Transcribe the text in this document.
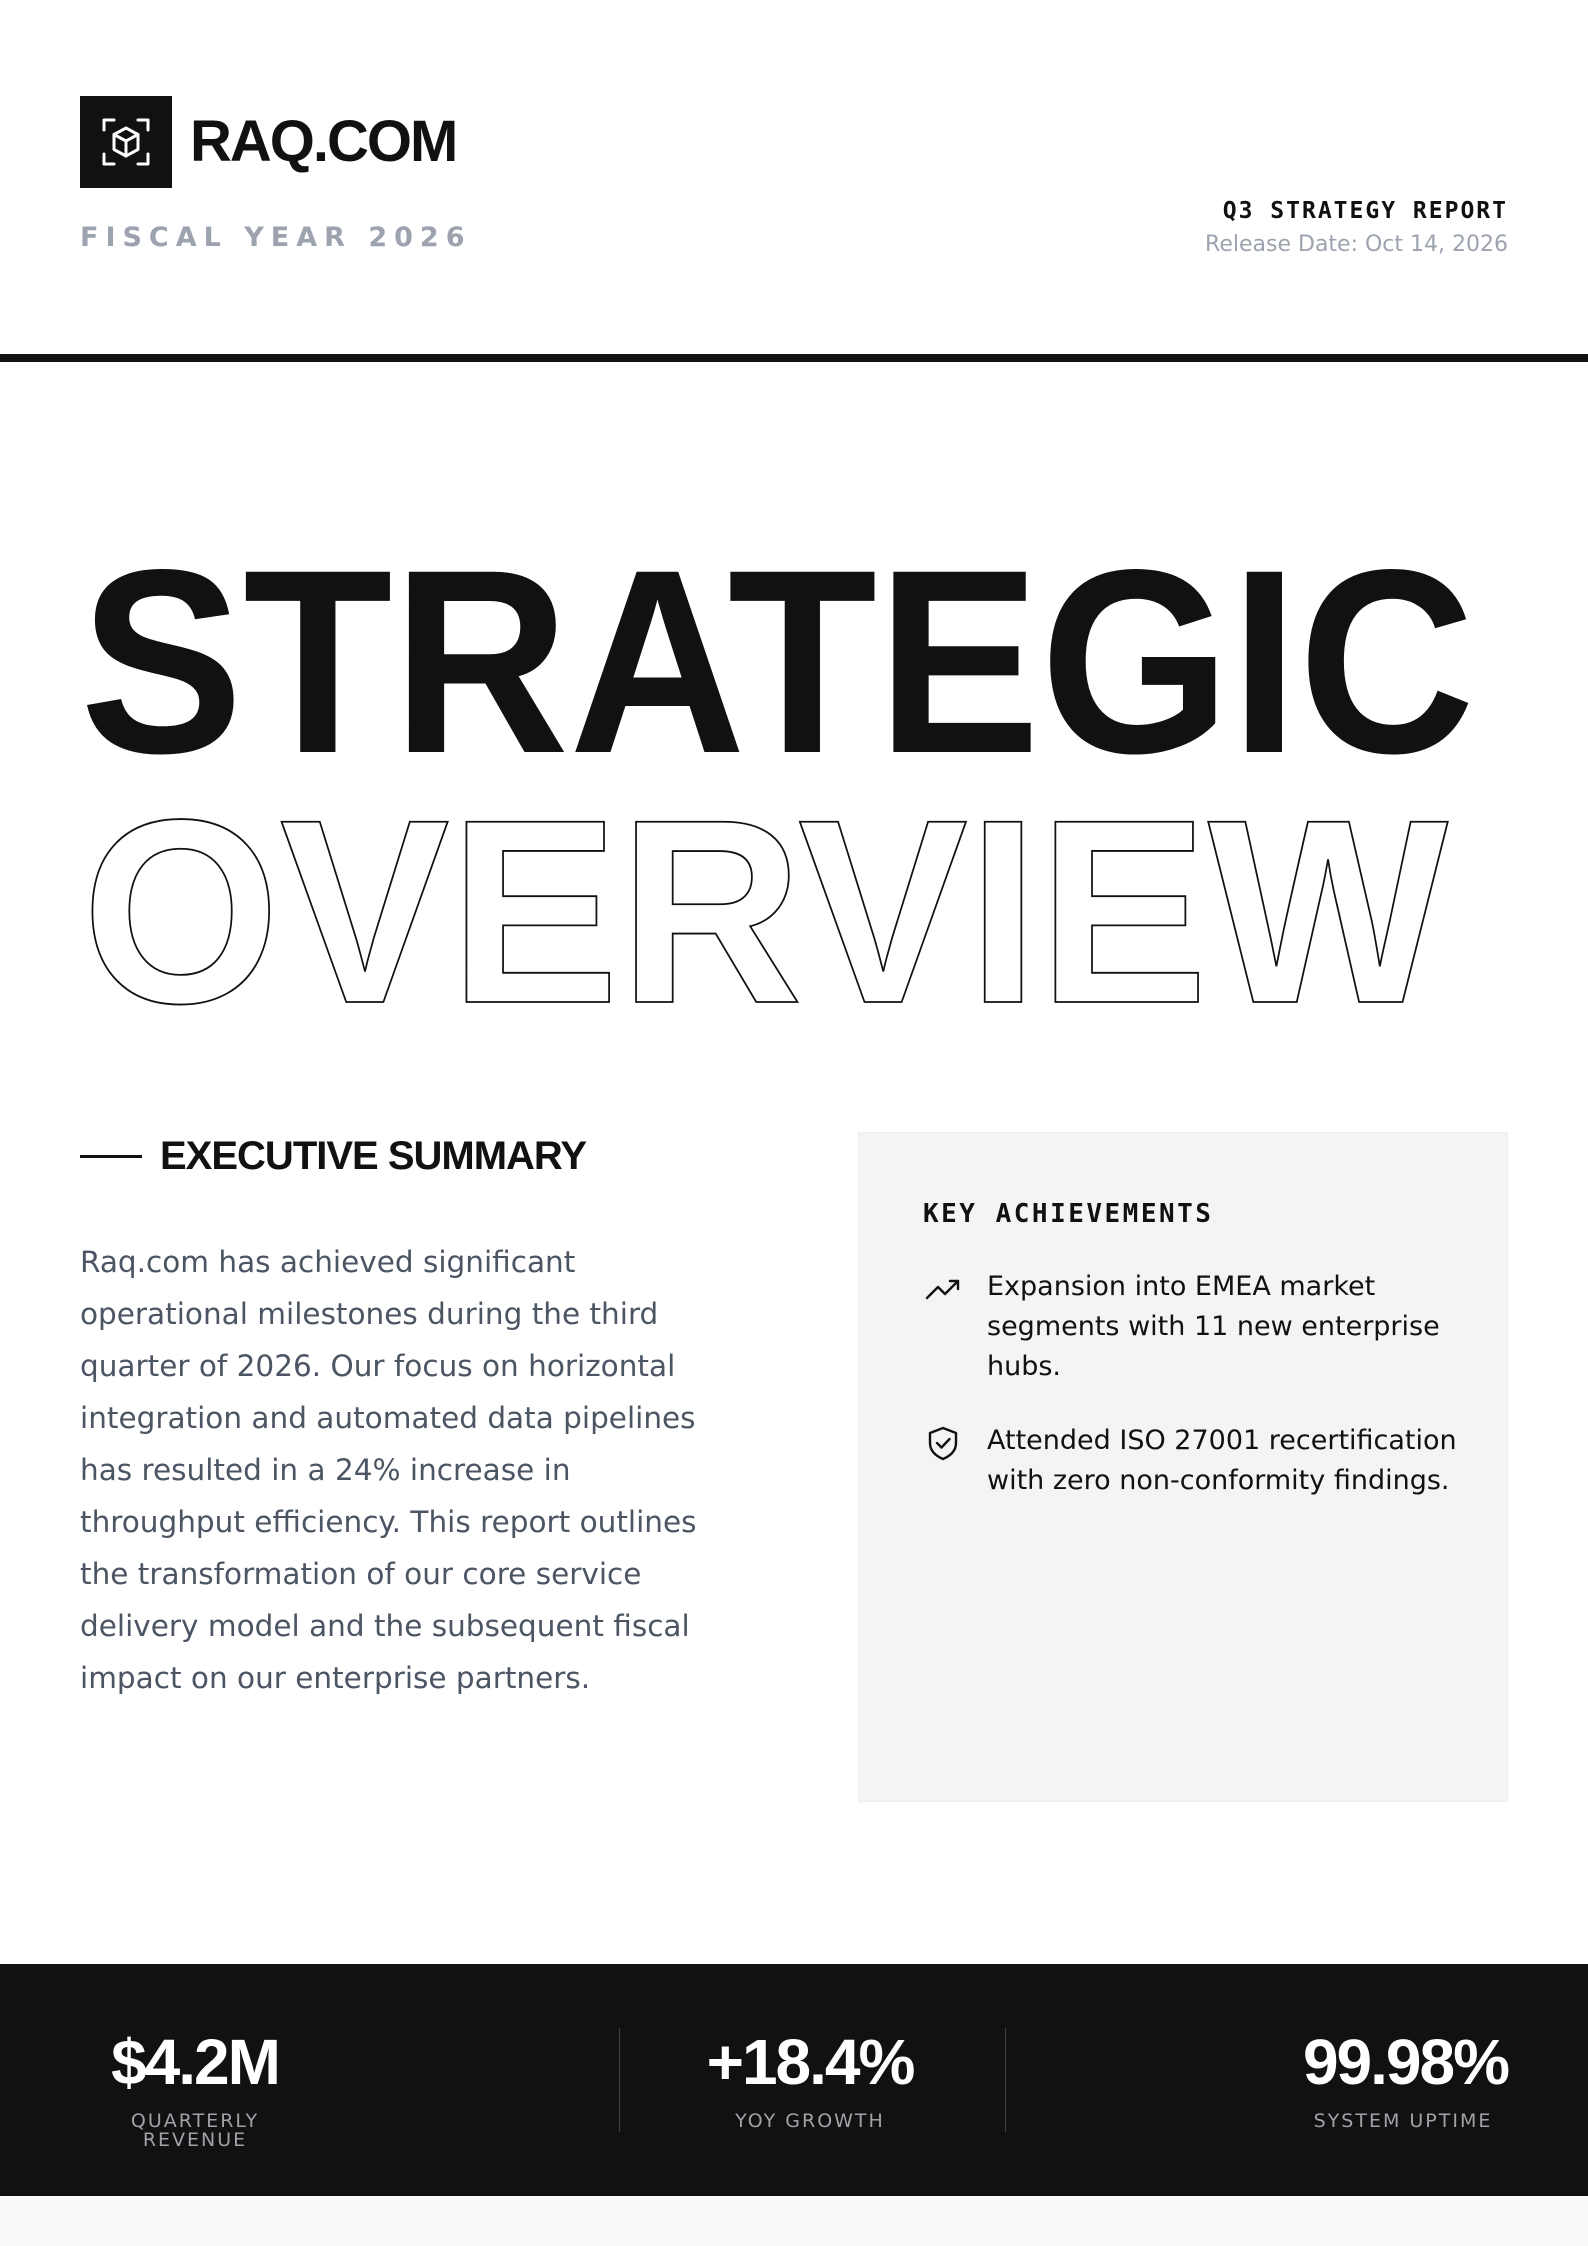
RAQ.COM
FISCAL YEAR 2026
Q3 STRATEGY REPORT
Release Date: Oct 14, 2026
STRATEGIC
OVERVIEW
EXECUTIVE SUMMARY

Raq.com has achieved significant operational milestones during the third quarter of 2026. Our focus on horizontal integration and automated data pipelines has resulted in a 24% increase in throughput efficiency. This report outlines the transformation of our core service delivery model and the subsequent fiscal impact on our enterprise partners.

KEY ACHIEVEMENTS
Expansion into EMEA market segments with 11 new enterprise hubs.
Attended ISO 27001 recertification with zero non-conformity findings.
$4.2M
QUARTERLY REVENUE
+18.4%
YOY GROWTH
99.98%
SYSTEM UPTIME
